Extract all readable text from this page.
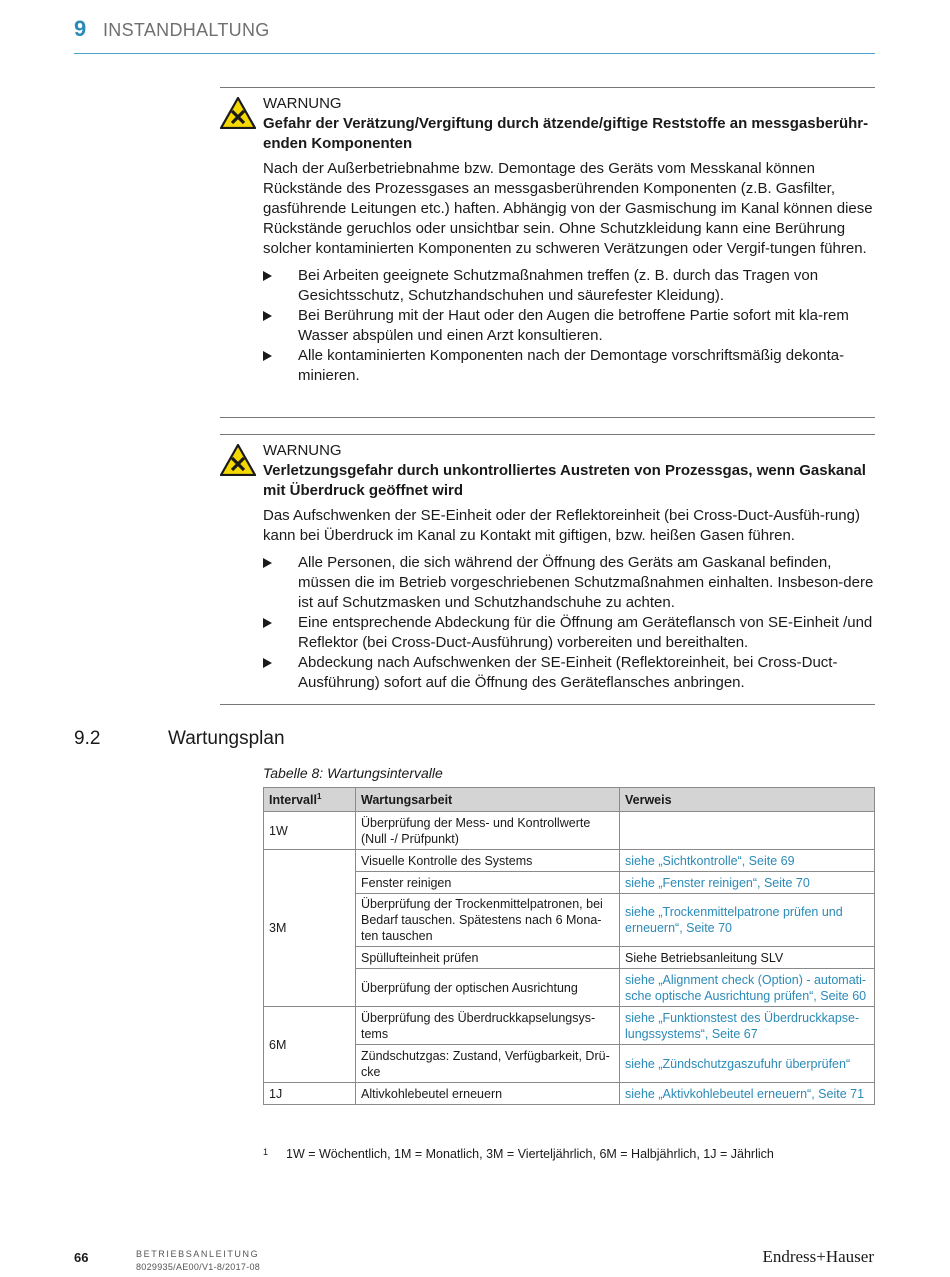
9 INSTANDHALTUNG
WARNUNG
Gefahr der Verätzung/Vergiftung durch ätzende/giftige Reststoffe an messgasberühr-enden Komponenten
Nach der Außerbetriebnahme bzw. Demontage des Geräts vom Messkanal können Rückstände des Prozessgases an messgasberührenden Komponenten (z.B. Gasfilter, gasführende Leitungen etc.) haften. Abhängig von der Gasmischung im Kanal können diese Rückstände geruchlos oder unsichtbar sein. Ohne Schutzkleidung kann eine Berührung solcher kontaminierten Komponenten zu schweren Verätzungen oder Vergif-tungen führen.
Bei Arbeiten geeignete Schutzmaßnahmen treffen (z. B. durch das Tragen von Gesichtsschutz, Schutzhandschuhen und säurefester Kleidung).
Bei Berührung mit der Haut oder den Augen die betroffene Partie sofort mit kla-rem Wasser abspülen und einen Arzt konsultieren.
Alle kontaminierten Komponenten nach der Demontage vorschriftsmäßig dekonta-minieren.
WARNUNG
Verletzungsgefahr durch unkontrolliertes Austreten von Prozessgas, wenn Gaskanal mit Überdruck geöffnet wird
Das Aufschwenken der SE-Einheit oder der Reflektoreinheit (bei Cross-Duct-Ausfüh-rung) kann bei Überdruck im Kanal zu Kontakt mit giftigen, bzw. heißen Gasen führen.
Alle Personen, die sich während der Öffnung des Geräts am Gaskanal befinden, müssen die im Betrieb vorgeschriebenen Schutzmaßnahmen einhalten. Insbeson-dere ist auf Schutzmasken und Schutzhandschuhe zu achten.
Eine entsprechende Abdeckung für die Öffnung am Geräteflansch von SE-Einheit /und Reflektor (bei Cross-Duct-Ausführung) vorbereiten und bereithalten.
Abdeckung nach Aufschwenken der SE-Einheit (Reflektoreinheit, bei Cross-Duct-Ausführung) sofort auf die Öffnung des Geräteflansches anbringen.
9.2	Wartungsplan
Tabelle 8: Wartungsintervalle
Intervall$^1$	Wartungsarbeit	Verweis
1W	Überprüfung der Mess- und Kontrollwerte (Null -/ Prüfpunkt)	
3M	Visuelle Kontrolle des Systems	siehe „Sichtkontrolle“, Seite 69
	Fenster reinigen	siehe „Fenster reinigen“, Seite 70
	Überprüfung der Trockenmittelpatronen, bei Bedarf tauschen. Spätestens nach 6 Mona-ten tauschen	siehe „Trockenmittelpatrone prüfen und erneuern“, Seite 70
	Spüllufteinheit prüfen	Siehe Betriebsanleitung SLV
	Überprüfung der optischen Ausrichtung	siehe „Alignment check (Option) - automati-sche optische Ausrichtung prüfen“, Seite 60
6M	Überprüfung des Überdruckkapselungsys-tems	siehe „Funktionstest des Überdruckkapse-lungssystems“, Seite 67
	Zündschutzgas: Zustand, Verfügbarkeit, Drü-cke	siehe „Zündschutzgaszufuhr überprüfen“
1J	Altivkohlebeutel erneuern	siehe „Aktivkohlebeutel erneuern“, Seite 71
1 1W = Wöchentlich, 1M = Monatlich, 3M = Vierteljährlich, 6M = Halbjährlich, 1J = Jährlich
66	BETRIEBSANLEITUNG
8029935/AE00/V1-8/2017-08
Endress+Hauser
